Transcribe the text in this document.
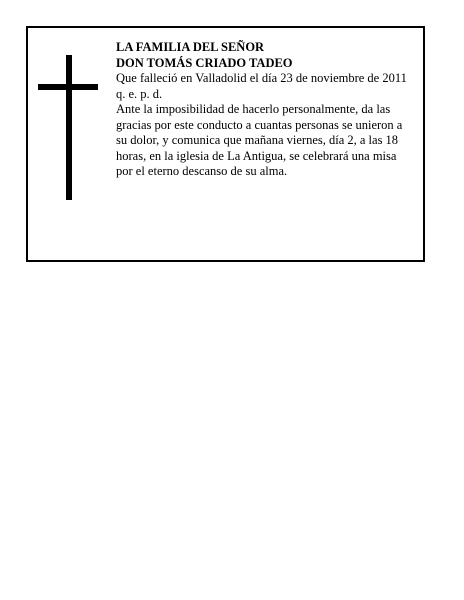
LA FAMILIA DEL SEÑOR

DON TOMÁS CRIADO TADEO

Que falleció en Valladolid el día 23 de noviembre de 2011

q. e. p. d.

Ante la imposibilidad de hacerlo personalmente, da las gracias por este conducto a cuantas personas se unieron a su dolor, y comunica que mañana viernes, día 2, a las 18 horas, en la iglesia de La Antigua, se celebrará una misa por el eterno descanso de su alma.
